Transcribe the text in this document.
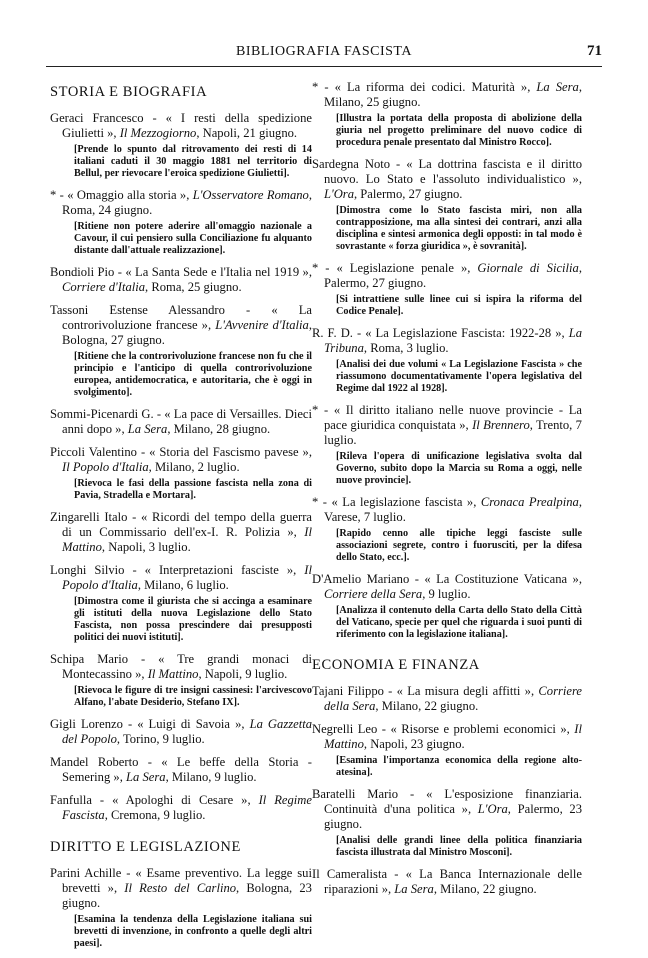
BIBLIOGRAFIA FASCISTA	71
STORIA E BIOGRAFIA
Geraci Francesco - « I resti della spedizione Giulietti », Il Mezzogiorno, Napoli, 21 giugno.
[Prende lo spunto dal ritrovamento dei resti di 14 italiani caduti il 30 maggio 1881 nel territorio di Bellul, per rievocare l'eroica spedizione Giulietti].
* - « Omaggio alla storia », L'Osservatore Romano, Roma, 24 giugno.
[Ritiene non potere aderire all'omaggio nazionale a Cavour, il cui pensiero sulla Conciliazione fu alquanto distante dall'attuale realizzazione].
Bondioli Pio - « La Santa Sede e l'Italia nel 1919 », Corriere d'Italia, Roma, 25 giugno.
Tassoni Estense Alessandro - « La controrivoluzione francese », L'Avvenire d'Italia, Bologna, 27 giugno.
[Ritiene che la controrivoluzione francese non fu che il principio e l'anticipo di quella controrivoluzione europea, antidemocratica, e autoritaria, che è oggi in svolgimento].
Sommi-Picenardi G. - « La pace di Versailles. Dieci anni dopo », La Sera, Milano, 28 giugno.
Piccoli Valentino - « Storia del Fascismo pavese », Il Popolo d'Italia, Milano, 2 luglio.
[Rievoca le fasi della passione fascista nella zona di Pavia, Stradella e Mortara].
Zingarelli Italo - « Ricordi del tempo della guerra di un Commissario dell'ex-I. R. Polizia », Il Mattino, Napoli, 3 luglio.
Longhi Silvio - « Interpretazioni fasciste », Il Popolo d'Italia, Milano, 6 luglio.
[Dimostra come il giurista che si accinga a esaminare gli istituti della nuova Legislazione dello Stato Fascista, non possa prescindere dai presupposti politici dei nuovi istituti].
Schipa Mario - « Tre grandi monaci di Montecassino », Il Mattino, Napoli, 9 luglio.
[Rievoca le figure di tre insigni cassinesi: l'arcivescovo Alfano, l'abate Desiderio, Stefano IX].
Gigli Lorenzo - « Luigi di Savoia », La Gazzetta del Popolo, Torino, 9 luglio.
Mandel Roberto - « Le beffe della Storia - Semering », La Sera, Milano, 9 luglio.
Fanfulla - « Apologhi di Cesare », Il Regime Fascista, Cremona, 9 luglio.
DIRITTO E LEGISLAZIONE
Parini Achille - « Esame preventivo. La legge sui brevetti », Il Resto del Carlino, Bologna, 23 giugno.
[Esamina la tendenza della Legislazione italiana sui brevetti di invenzione, in confronto a quelle degli altri paesi].
* - « La riforma dei codici. Maturità », La Sera, Milano, 25 giugno.
[Illustra la portata della proposta di abolizione della giuria nel progetto preliminare del nuovo codice di procedura penale presentato dal Ministro Rocco].
Sardegna Noto - « La dottrina fascista e il diritto nuovo. Lo Stato e l'assoluto individualistico », L'Ora, Palermo, 27 giugno.
[Dimostra come lo Stato fascista miri, non alla contrapposizione, ma alla sintesi dei contrari, anzi alla disciplina e sintesi armonica degli opposti: in tal modo è sovrastante « forza giuridica », è sovranità].
* - « Legislazione penale », Giornale di Sicilia, Palermo, 27 giugno.
[Si intrattiene sulle linee cui si ispira la riforma del Codice Penale].
R. F. D. - « La Legislazione Fascista: 1922-28 », La Tribuna, Roma, 3 luglio.
[Analisi dei due volumi « La Legislazione Fascista » che riassumono documentativamente l'opera legislativa del Regime dal 1922 al 1928].
* - « Il diritto italiano nelle nuove provincie - La pace giuridica conquistata », Il Brennero, Trento, 7 luglio.
[Rileva l'opera di unificazione legislativa svolta dal Governo, subito dopo la Marcia su Roma a oggi, nelle nuove provincie].
* - « La legislazione fascista », Cronaca Prealpina, Varese, 7 luglio.
[Rapido cenno alle tipiche leggi fasciste sulle associazioni segrete, contro i fuorusciti, per la difesa dello Stato, ecc.].
D'Amelio Mariano - « La Costituzione Vaticana », Corriere della Sera, 9 luglio.
[Analizza il contenuto della Carta dello Stato della Città del Vaticano, specie per quel che riguarda i suoi punti di riferimento con la legislazione italiana].
ECONOMIA E FINANZA
Tajani Filippo - « La misura degli affitti », Corriere della Sera, Milano, 22 giugno.
Negrelli Leo - « Risorse e problemi economici », Il Mattino, Napoli, 23 giugno.
[Esamina l'importanza economica della regione alto-atesina].
Baratelli Mario - « L'esposizione finanziaria. Continuità d'una politica », L'Ora, Palermo, 23 giugno.
[Analisi delle grandi linee della politica finanziaria fascista illustrata dal Ministro Mosconi].
Il Cameralista - « La Banca Internazionale delle riparazioni », La Sera, Milano, 22 giugno.
